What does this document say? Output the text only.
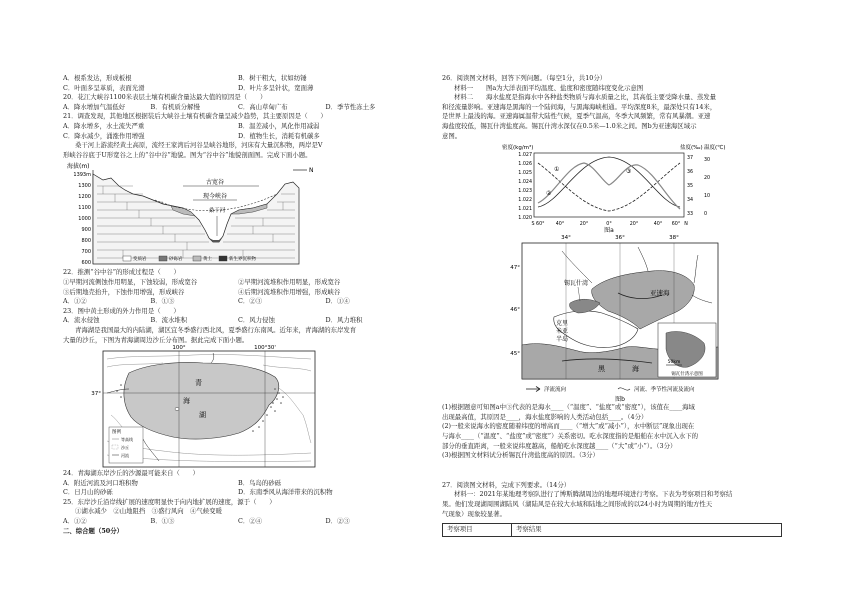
A．根系发达，形成板根	B．树干粗大，状如纺锤
C．叶面多呈革质，表面光滑	D．叶片多呈针状，宽面薄
20．花江大峡谷1100米表层土壤有机碳含量达最大值的原因是（　　）
A．降水增加气温低好	B．有机质分解慢	C．高山草甸广布	D．季节性冻土多
21．调查发现，其他地区根据装后大峡谷土壤有机碳含量呈减少趋势，其主要原因是（　　）
A．降水增多，水土流失严重	B．温差减小，风化作用减弱
C．降水减少，涌涨作用增强	D．植物生长，消耗有机碳多
桑干河上游流经黄土高原，流经王家湾后河谷呈峡谷地形，河床有大量沉积物，两岸是V
形峡谷谷底于U形宽谷之上的“谷中谷”地貌。图为“谷中谷”地貌剖面图。完成下面小题。
海拔(m)
1393m
1300
1200
1100
1000
900
800
700
600
古宽谷
现今峡谷
桑干河
N
变质岩	砂砾岩	黄土	新生界沉积物
22．推测“谷中谷”的形成过程是（　　）
①早期河流侧蚀作用明显，下蚀较弱，形成宽谷	②早期河流堆积作用明显，形成宽谷
③后期地壳抬升，下蚀作用增强，形成峡谷	④后期河流堆积作用增强，形成峡谷
A．①②	B．①③	C．②③	D．①④
23．图中黄土形成的外力作用是（　　）
A．流水侵蚀	B．流水堆积	C．风力侵蚀	D．风力堆积
青海湖是我国最大的内陆湖，湖区宜冬季盛行西北风，夏季盛行东南风。近年来，青海湖的东岸发育
大量的沙丘，下图为青海湖周边沙丘分布图。据此完成下面小题。
100°	100°30'
37°
青
海
湖
图例
等高线
沙丘
河流
24．青海湖东岸沙丘的沙源最可能来自（　　）
A．附近河流及河口堆积物	B．鸟岛的砂砾
C．日月山的砂砾	D．东南季风从海洋带来的沉积物
25．东岸沙丘沿岸线扩展的速度明显快于向内地扩展的速度，源于（　　）
①湖水减少　②山地阻挡　③盛行风向　④气候变暖
A．①②	B．①③	C．②④	D．②③
二、综合题（50分）
26．阅读图文材料，回答下列问题。（每空1分，共10分）
材料一　　图a为大洋表面平均温度、盐度和密度随纬度变化示意图
材料二　　海水盐度是指海水中各种盐类物质与海水质量之比，其高低主要受降水量、蒸发量
和径流量影响。亚速海是黑海的一个陆间海，与黑海海峡相通。平均深度8米，最深处只有14米，
是世界上最浅的海。亚速海属温带大陆性气候，夏季气温高，冬季大风频繁，常有风暴潮。亚速
海盐度较低，锡瓦什湾盐度高。锡瓦什湾水深仅在0.5米—1.0米之间。图b为亚速海区域示
意图。
密度(kg/m³)	盐度(‰) 温度(℃)
1.027
1.026
1.025
1.024
1.023
1.022
1.021
1.020
37
36
35
34
33
30
20
10
0
S 60° 40°	20°	0°	20°	40° 60° N
①
②
③
图a
34°	36°	38°
47°
46°
45°
亚速海
锡瓦什湾
克里
米亚
半岛
黑	海
50km
锡瓦什湾示意图
洋流流向	河流、季节性河流及流向
图b
(1)根据题意可知图a中③代表的是海水____（“温度”、“盐度”或“密度”），该值在____海域
出现最高值，其原因是____，海水盐度影响的人类活动包括____。（4分）
(2)一般来说海水的密度随着纬度的增高而____（“增大”或“减小”），水中断层”现象出现在
与海水____（“温度”、“盐度”或“密度”）关系密切。吃水深度指的是船舶在水中沉入水下的
部分的垂直距离，一般来说纬度越高，船舶吃水深度越____（“大”或“小”）。（3分）
(3)根据图文材料试分析锡瓦什湾盐度高的原因。（3分）
27．阅读图文材料，完成下列要求。（14分）
材料一：2021年某地理考察队进行了博斯腾湖周边的地理环境进行考察。下表为考察项目和考察结
果。他们发现湖周围湖陆风（湖陆风是在较大水域和陆地之间形成的以24小时为周期的地方性天
气现象）现象较显著。
考察项目	考察结果
